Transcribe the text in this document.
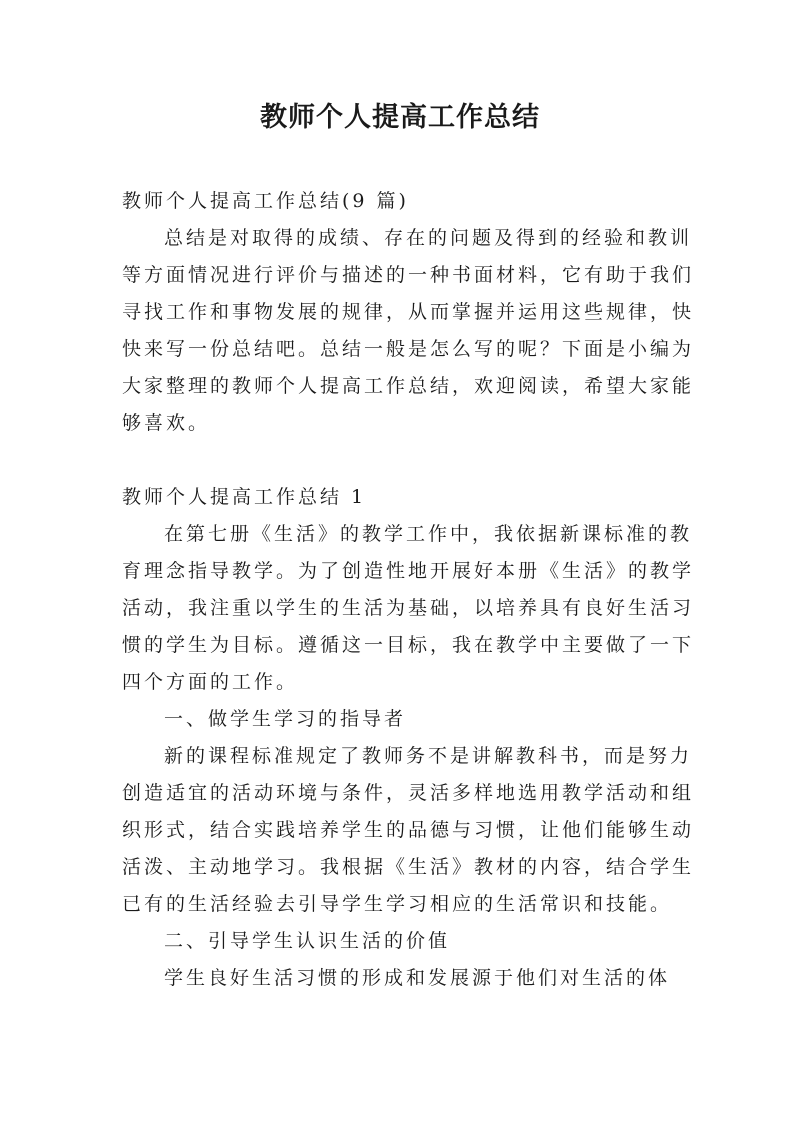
教师个人提高工作总结

教师个人提高工作总结(9 篇)

总结是对取得的成绩、存在的问题及得到的经验和教训
等方面情况进行评价与描述的一种书面材料，它有助于我们
寻找工作和事物发展的规律，从而掌握并运用这些规律，快
快来写一份总结吧。总结一般是怎么写的呢？下面是小编为
大家整理的教师个人提高工作总结，欢迎阅读，希望大家能
够喜欢。

教师个人提高工作总结 1

在第七册《生活》的教学工作中，我依据新课标准的教
育理念指导教学。为了创造性地开展好本册《生活》的教学
活动，我注重以学生的生活为基础，以培养具有良好生活习
惯的学生为目标。遵循这一目标，我在教学中主要做了一下
四个方面的工作。

一、做学生学习的指导者

新的课程标准规定了教师务不是讲解教科书，而是努力
创造适宜的活动环境与条件，灵活多样地选用教学活动和组
织形式，结合实践培养学生的品德与习惯，让他们能够生动
活泼、主动地学习。我根据《生活》教材的内容，结合学生
已有的生活经验去引导学生学习相应的生活常识和技能。

二、引导学生认识生活的价值

学生良好生活习惯的形成和发展源于他们对生活的体
